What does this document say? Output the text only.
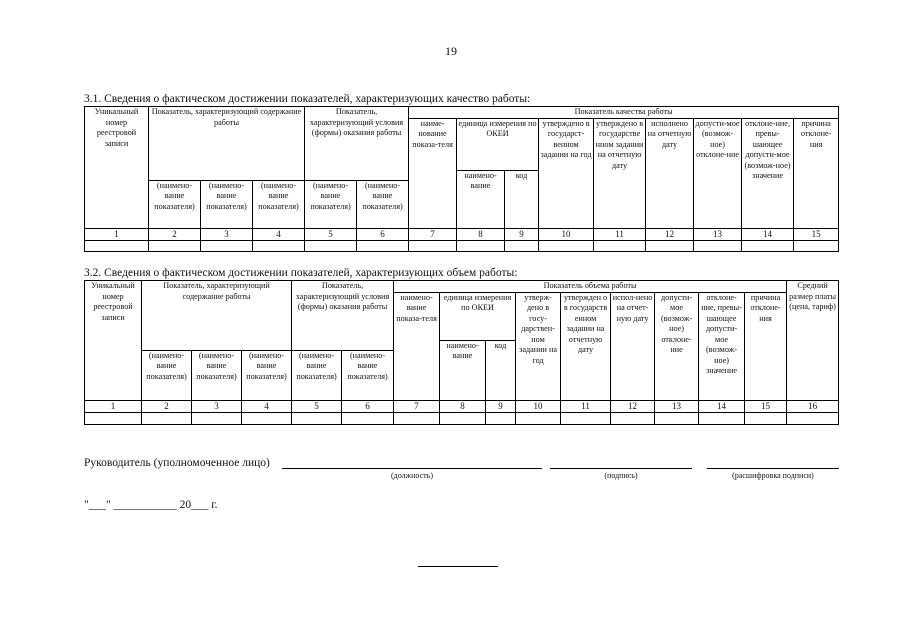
19
3.1. Сведения о фактическом достижении показателей, характеризующих качество работы:
Уникальный номер реестровой записи	Показатель, характеризующий содержание работы			Показатель, характеризующий условия (формы) оказания работы		Показатель качества работы								
						наиме-нование показа-теля	единица измерения по ОКЕИ		утверждено в государст-венном задании на год	утверждено в государстве нном задании на отчетную дату	исполнено на отчетную дату	допусти-мое (возмож-ное) отклоне-ние	отклоне-ние, превы-шающее допусти-мое (возмож-ное) значение	причина отклоне-ния
							наимено-вание	код						
	(наимено-вание показателя)	(наимено-вание показателя)	(наимено-вание показателя)	(наимено-вание показателя)	(наимено-вание показателя)									
1	2	3	4	5	6	7	8	9	10	11	12	13	14	15

3.2. Сведения о фактическом достижении показателей, характеризующих объем работы:
Уникальный номер реестровой записи	Показатель, характеризующий содержание работы			Показатель, характеризующий условия (формы) оказания работы		Показатель объема работы									Средний размер платы (цена, тариф)
						наимено-вание показа-теля	единица измерения по ОКЕИ		утверж-дено в госу-дарствен-ном задании на год	утвержден о в государств енном задании на отчетную дату	испол-нено на отчет-ную дату	допусти-мое (возмож-ное) отклоне-ние	отклоне-ние, превы-шающее допусти-мое (возмож-ное) значение	причина отклоне-ния	
							наимено-вание	код							
	(наимено-вание показателя)	(наимено-вание показателя)	(наимено-вание показателя)	(наимено-вание показателя)	(наимено-вание показателя)										
1	2	3	4	5	6	7	8	9	10	11	12	13	14	15	16

Руководитель (уполномоченное лицо)
(должность)	(подпись)	(расшифровка подписи)
"___" ___________ 20___ г.
